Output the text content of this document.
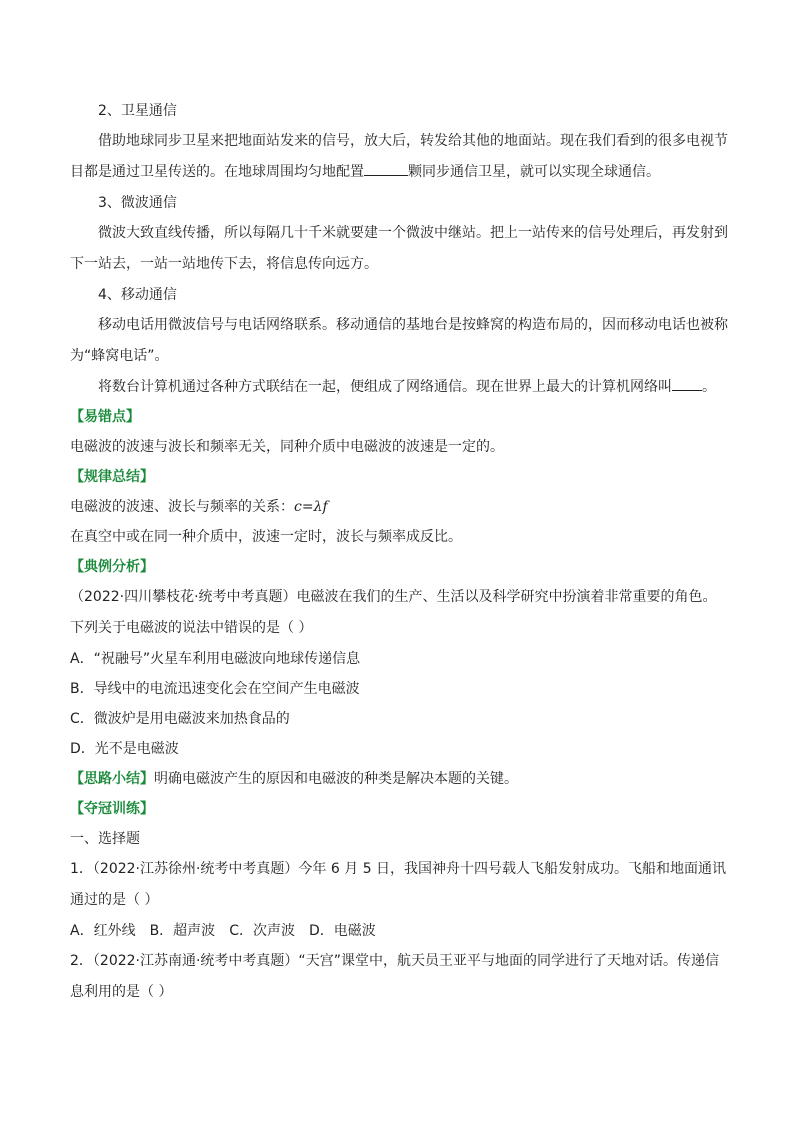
2、卫星通信

借助地球同步卫星来把地面站发来的信号，放大后，转发给其他的地面站。现在我们看到的很多电视节目都是通过卫星传送的。在地球周围均匀地配置	颗同步通信卫星，就可以实现全球通信。

3、微波通信

微波大致直线传播，所以每隔几十千米就要建一个微波中继站。把上一站传来的信号处理后，再发射到下一站去，一站一站地传下去，将信息传向远方。

4、移动通信

移动电话用微波信号与电话网络联系。移动通信的基地台是按蜂窝的构造布局的，因而移动电话也被称为“蜂窝电话”。

将数台计算机通过各种方式联结在一起，便组成了网络通信。现在世界上最大的计算机网络叫 。

【易错点】

电磁波的波速与波长和频率无关，同种介质中电磁波的波速是一定的。

【规律总结】

电磁波的波速、波长与频率的关系：c=λf

在真空中或在同一种介质中，波速一定时，波长与频率成反比。

【典例分析】

（2022·四川攀枝花·统考中考真题）电磁波在我们的生产、生活以及科学研究中扮演着非常重要的角色。下列关于电磁波的说法中错误的是（ ）

A．“祝融号”火星车利用电磁波向地球传递信息

B．导线中的电流迅速变化会在空间产生电磁波

C．微波炉是用电磁波来加热食品的

D．光不是电磁波

【思路小结】明确电磁波产生的原因和电磁波的种类是解决本题的关键。

【夺冠训练】

一、选择题

1．（2022·江苏徐州·统考中考真题）今年 6 月 5 日，我国神舟十四号载人飞船发射成功。飞船和地面通讯通过的是（ ）

A．红外线 B．超声波 C．次声波 D．电磁波

2．（2022·江苏南通·统考中考真题）“天宫”课堂中，航天员王亚平与地面的同学进行了天地对话。传递信息利用的是（ ）
